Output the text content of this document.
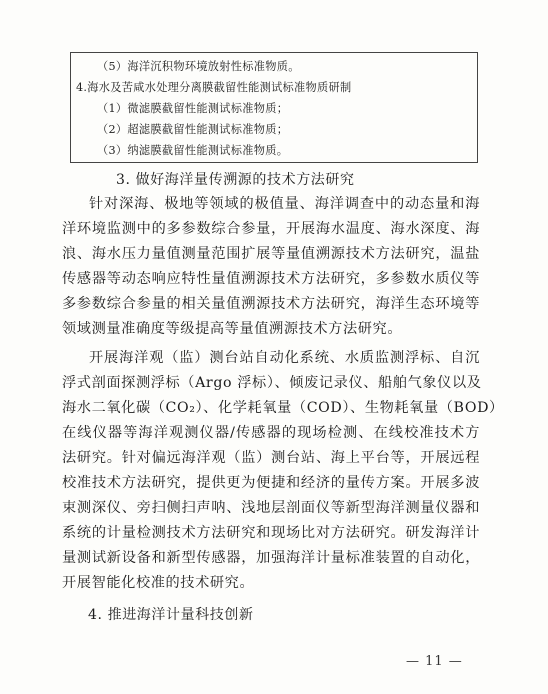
（5）海洋沉积物环境放射性标准物质。
4.海水及苦咸水处理分离膜截留性能测试标准物质研制
（1）微滤膜截留性能测试标准物质；
（2）超滤膜截留性能测试标准物质；
（3）纳滤膜截留性能测试标准物质。
3. 做好海洋量传溯源的技术方法研究
针对深海、极地等领域的极值量、海洋调查中的动态量和海
洋环境监测中的多参数综合参量，开展海水温度、海水深度、海
浪、海水压力量值测量范围扩展等量值溯源技术方法研究，温盐
传感器等动态响应特性量值溯源技术方法研究，多参数水质仪等
多参数综合参量的相关量值溯源技术方法研究，海洋生态环境等
领域测量准确度等级提高等量值溯源技术方法研究。
开展海洋观（监）测台站自动化系统、水质监测浮标、自沉
浮式剖面探测浮标（Argo 浮标）、倾废记录仪、船舶气象仪以及
海水二氧化碳（CO₂）、化学耗氧量（COD）、生物耗氧量（BOD）
在线仪器等海洋观测仪器/传感器的现场检测、在线校准技术方
法研究。针对偏远海洋观（监）测台站、海上平台等，开展远程
校准技术方法研究，提供更为便捷和经济的量传方案。开展多波
束测深仪、旁扫侧扫声呐、浅地层剖面仪等新型海洋测量仪器和
系统的计量检测技术方法研究和现场比对方法研究。研发海洋计
量测试新设备和新型传感器，加强海洋计量标准装置的自动化，
开展智能化校准的技术研究。
4. 推进海洋计量科技创新
— 11 —
